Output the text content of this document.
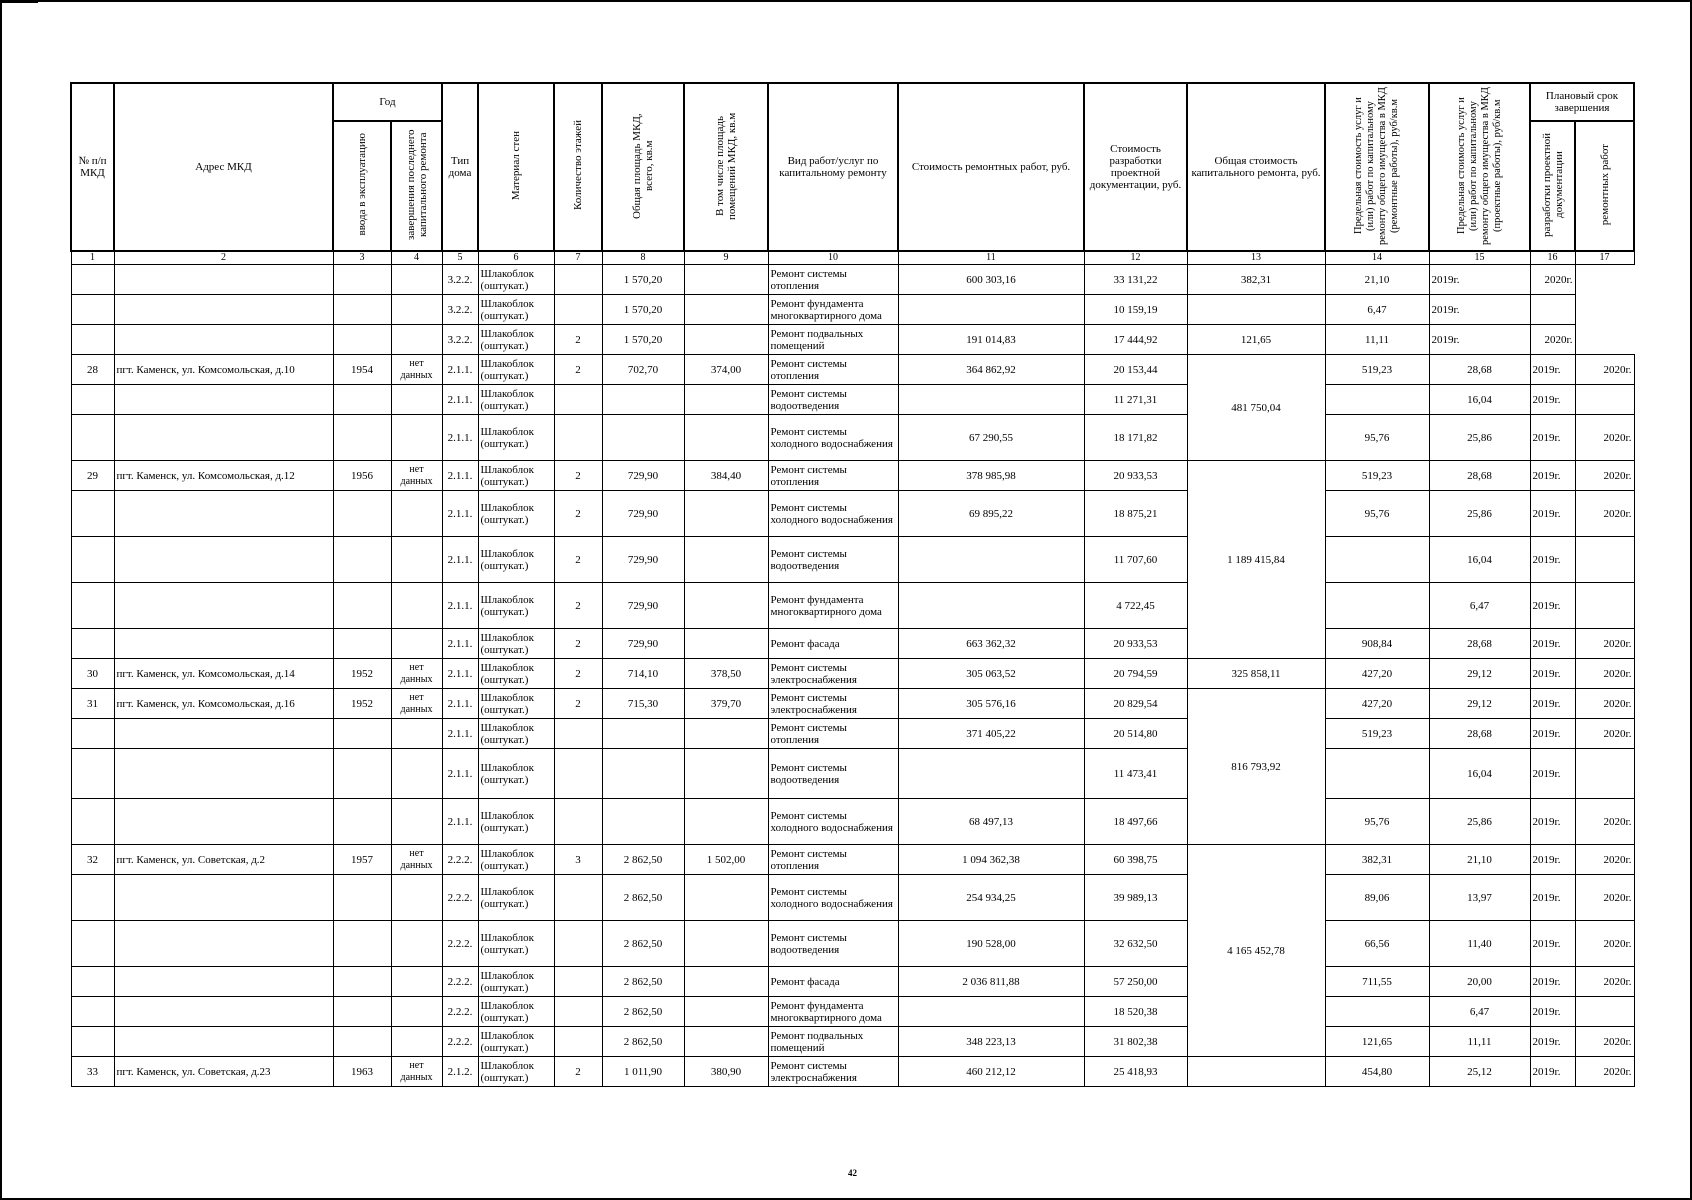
№ п/п МКД	Адрес МКД	Год		Тип дома	Материал стен	Количество этажей	Общая площадь МКД, всего, кв.м	В том числе площадь помещений МКД, кв.м	Вид работ/услуг по капитальному ремонту	Стоимость ремонтных работ, руб.	Стоимость разработки проектной документации, руб.	Общая стоимость капитального ремонта, руб.	Предельная стоимость услуг и (или) работ по капитальному ремонту общего имущества в МКД (ремонтные работы), руб/кв.м	Предельная стоимость услуг и (или) работ по капитальному ремонту общего имущества в МКД (проектные работы), руб/кв.м	Плановый срок завершения	
		ввода в эксплуатацию	завершения последнего капитального ремонта												разработки проектной документации	ремонтных работ
1	2	3	4	5	6	7	8	9	10	11	12	13	14	15	16	17
				3.2.2.	Шлакоблок (оштукат.)		1 570,20		Ремонт системы отопления	600 303,16	33 131,22	382,31	21,10	2019г.	2020г.	
				3.2.2.	Шлакоблок (оштукат.)		1 570,20		Ремонт фундамента многоквартирного дома		10 159,19		6,47	2019г.		
				3.2.2.	Шлакоблок (оштукат.)	2	1 570,20		Ремонт подвальных помещений	191 014,83	17 444,92	121,65	11,11	2019г.	2020г.	
28	пгт. Каменск, ул. Комсомольская, д.10	1954	нет данных	2.1.1.	Шлакоблок (оштукат.)	2	702,70	374,00	Ремонт системы отопления	364 862,92	20 153,44	481 750,04	519,23	28,68	2019г.	2020г.
				2.1.1.	Шлакоблок (оштукат.)				Ремонт системы водоотведения		11 271,31			16,04	2019г.	
				2.1.1.	Шлакоблок (оштукат.)				Ремонт системы холодного водоснабжения	67 290,55	18 171,82		95,76	25,86	2019г.	2020г.
29	пгт. Каменск, ул. Комсомольская, д.12	1956	нет данных	2.1.1.	Шлакоблок (оштукат.)	2	729,90	384,40	Ремонт системы отопления	378 985,98	20 933,53	1 189 415,84	519,23	28,68	2019г.	2020г.
				2.1.1.	Шлакоблок (оштукат.)	2	729,90		Ремонт системы холодного водоснабжения	69 895,22	18 875,21		95,76	25,86	2019г.	2020г.
				2.1.1.	Шлакоблок (оштукат.)	2	729,90		Ремонт системы водоотведения		11 707,60			16,04	2019г.	
				2.1.1.	Шлакоблок (оштукат.)	2	729,90		Ремонт фундамента многоквартирного дома		4 722,45			6,47	2019г.	
				2.1.1.	Шлакоблок (оштукат.)	2	729,90		Ремонт фасада	663 362,32	20 933,53		908,84	28,68	2019г.	2020г.
30	пгт. Каменск, ул. Комсомольская, д.14	1952	нет данных	2.1.1.	Шлакоблок (оштукат.)	2	714,10	378,50	Ремонт системы электроснабжения	305 063,52	20 794,59	325 858,11	427,20	29,12	2019г.	2020г.
31	пгт. Каменск, ул. Комсомольская, д.16	1952	нет данных	2.1.1.	Шлакоблок (оштукат.)	2	715,30	379,70	Ремонт системы электроснабжения	305 576,16	20 829,54	816 793,92	427,20	29,12	2019г.	2020г.
				2.1.1.	Шлакоблок (оштукат.)				Ремонт системы отопления	371 405,22	20 514,80		519,23	28,68	2019г.	2020г.
				2.1.1.	Шлакоблок (оштукат.)				Ремонт системы водоотведения		11 473,41			16,04	2019г.	
				2.1.1.	Шлакоблок (оштукат.)				Ремонт системы холодного водоснабжения	68 497,13	18 497,66		95,76	25,86	2019г.	2020г.
32	пгт. Каменск, ул. Советская, д.2	1957	нет данных	2.2.2.	Шлакоблок (оштукат.)	3	2 862,50	1 502,00	Ремонт системы отопления	1 094 362,38	60 398,75	4 165 452,78	382,31	21,10	2019г.	2020г.
				2.2.2.	Шлакоблок (оштукат.)		2 862,50		Ремонт системы холодного водоснабжения	254 934,25	39 989,13		89,06	13,97	2019г.	2020г.
				2.2.2.	Шлакоблок (оштукат.)		2 862,50		Ремонт системы водоотведения	190 528,00	32 632,50		66,56	11,40	2019г.	2020г.
				2.2.2.	Шлакоблок (оштукат.)		2 862,50		Ремонт фасада	2 036 811,88	57 250,00		711,55	20,00	2019г.	2020г.
				2.2.2.	Шлакоблок (оштукат.)		2 862,50		Ремонт фундамента многоквартирного дома		18 520,38			6,47	2019г.	
				2.2.2.	Шлакоблок (оштукат.)		2 862,50		Ремонт подвальных помещений	348 223,13	31 802,38		121,65	11,11	2019г.	2020г.
33	пгт. Каменск, ул. Советская, д.23	1963	нет данных	2.1.2.	Шлакоблок (оштукат.)	2	1 011,90	380,90	Ремонт системы электроснабжения	460 212,12	25 418,93		454,80	25,12	2019г.	2020г.
42
